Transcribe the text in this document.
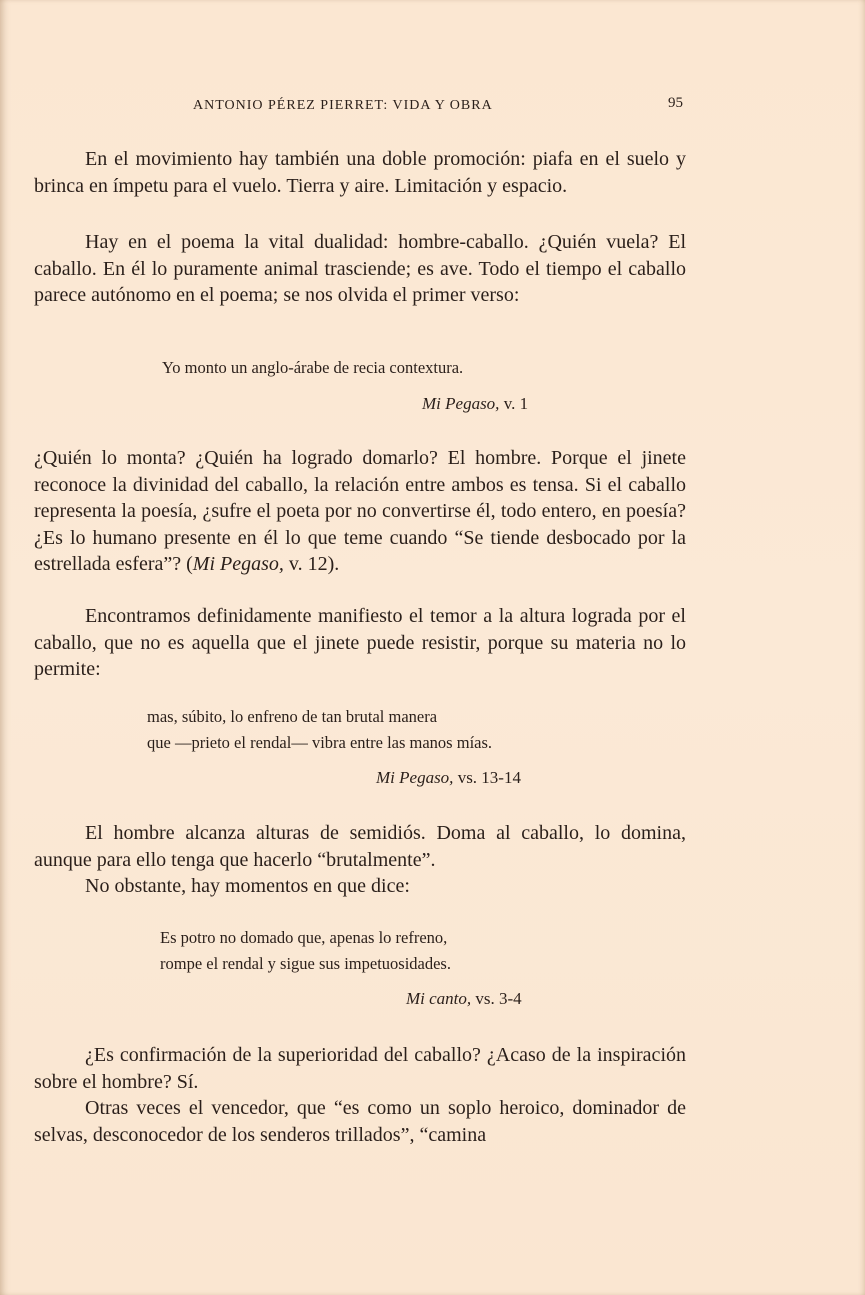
ANTONIO PÉREZ PIERRET: VIDA Y OBRA	95

En el movimiento hay también una doble promoción: piafa en el suelo y brinca en ímpetu para el vuelo. Tierra y aire. Limitación y espacio.

Hay en el poema la vital dualidad: hombre-caballo. ¿Quién vuela? El caballo. En él lo puramente animal trasciende; es ave. Todo el tiempo el caballo parece autónomo en el poema; se nos olvida el primer verso:

Yo monto un anglo-árabe de recia contextura.

Mi Pegaso, v. 1

¿Quién lo monta? ¿Quién ha logrado domarlo? El hombre. Porque el jinete reconoce la divinidad del caballo, la relación entre ambos es tensa. Si el caballo representa la poesía, ¿sufre el poeta por no convertirse él, todo entero, en poesía? ¿Es lo humano presente en él lo que teme cuando “Se tiende desbocado por la estrellada esfera”? (Mi Pegaso, v. 12).

Encontramos definidamente manifiesto el temor a la altura lograda por el caballo, que no es aquella que el jinete puede resistir, porque su materia no lo permite:

mas, súbito, lo enfreno de tan brutal manera

que —prieto el rendal— vibra entre las manos mías.

Mi Pegaso, vs. 13-14

El hombre alcanza alturas de semidiós. Doma al caballo, lo domina, aunque para ello tenga que hacerlo “brutalmente”.

No obstante, hay momentos en que dice:

Es potro no domado que, apenas lo refreno,

rompe el rendal y sigue sus impetuosidades.

Mi canto, vs. 3-4

¿Es confirmación de la superioridad del caballo? ¿Acaso de la inspiración sobre el hombre? Sí.

Otras veces el vencedor, que “es como un soplo heroico, dominador de selvas, desconocedor de los senderos trillados”, “camina
